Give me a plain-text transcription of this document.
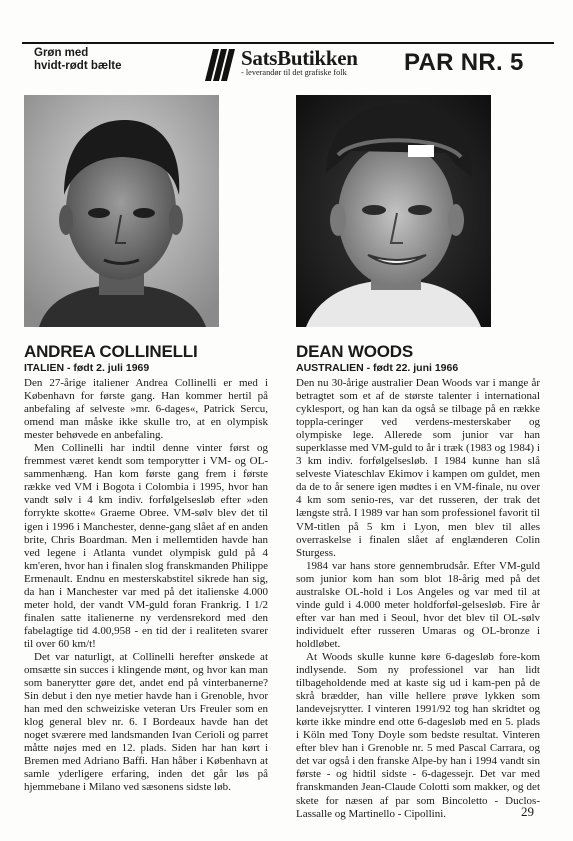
Grøn med
hvidt-rødt bælte	SatsButikken
- leverandør til det grafiske folk PAR NR. 5
ANDREA COLLINELLI
ITALIEN - født 2. juli 1969

Den 27-årige italiener Andrea Collinelli er med i København for første gang. Han kommer hertil på anbefaling af selveste »mr. 6-dages«, Patrick Sercu, omend man måske ikke skulle tro, at en olympisk mester behøvede en anbefaling.

Men Collinelli har indtil denne vinter først og fremmest været kendt som temporytter i VM- og OL-sammenhæng. Han kom første gang frem i første række ved VM i Bogota i Colombia i 1995, hvor han vandt sølv i 4 km indiv. forfølgelsesløb efter »den forrykte skotte« Graeme Obree. VM-sølv blev det til igen i 1996 i Manchester, denne-gang slået af en anden brite, Chris Boardman. Men i mellemtiden havde han ved legene i Atlanta vundet olympisk guld på 4 km'eren, hvor han i finalen slog franskmanden Philippe Ermenault. Endnu en mesterskabstitel sikrede han sig, da han i Manchester var med på det italienske 4.000 meter hold, der vandt VM-guld foran Frankrig. I 1/2 finalen satte italienerne ny verdensrekord med den fabelagtige tid 4.00,958 - en tid der i realiteten svarer til over 60 km/t!

Det var naturligt, at Collinelli herefter ønskede at omsætte sin succes i klingende mønt, og hvor kan man som banerytter gøre det, andet end på vinterbanerne? Sin debut i den nye metier havde han i Grenoble, hvor han med den schweiziske veteran Urs Freuler som en klog general blev nr. 6. I Bordeaux havde han det noget sværere med landsmanden Ivan Cerioli og parret måtte nøjes med en 12. plads. Siden har han kørt i Bremen med Adriano Baffi. Han håber i København at samle yderligere erfaring, inden det går løs på hjemmebane i Milano ved sæsonens sidste løb.

DEAN WOODS
AUSTRALIEN - født 22. juni 1966

Den nu 30-årige australier Dean Woods var i mange år betragtet som et af de største talenter i international cyklesport, og han kan da også se tilbage på en række toppla-ceringer ved verdens-mesterskaber og olympiske lege. Allerede som junior var han superklasse med VM-guld to år i træk (1983 og 1984) i 3 km indiv. forfølgelsesløb. I 1984 kunne han slå selveste Viateschlav Ekimov i kampen om guldet, men da de to år senere igen mødtes i en VM-finale, nu over 4 km som senio-res, var det russeren, der trak det længste strå. I 1989 var han som professionel favorit til VM-titlen på 5 km i Lyon, men blev til alles overraskelse i finalen slået af englænderen Colin Sturgess.

1984 var hans store gennembrudsår. Efter VM-guld som junior kom han som blot 18-årig med på det australske OL-hold i Los Angeles og var med til at vinde guld i 4.000 meter holdforføl-gelsesløb. Fire år efter var han med i Seoul, hvor det blev til OL-sølv individuelt efter russeren Umaras og OL-bronze i holdløbet.

At Woods skulle kunne køre 6-dagesløb fore-kom indlysende. Som ny professionel var han lidt tilbageholdende med at kaste sig ud i kam-pen på de skrå brædder, han ville hellere prøve lykken som landevejsrytter. I vinteren 1991/92 tog han skridtet og kørte ikke mindre end otte 6-dagesløb med en 5. plads i Köln med Tony Doyle som bedste resultat. Vinteren efter blev han i Grenoble nr. 5 med Pascal Carrara, og det var også i den franske Alpe-by han i 1994 vandt sin første - og hidtil sidste - 6-dagessejr. Det var med franskmanden Jean-Claude Colotti som makker, og det skete for næsen af par som Bincoletto - Duclos-Lassalle og Martinello - Cipollini.	29
